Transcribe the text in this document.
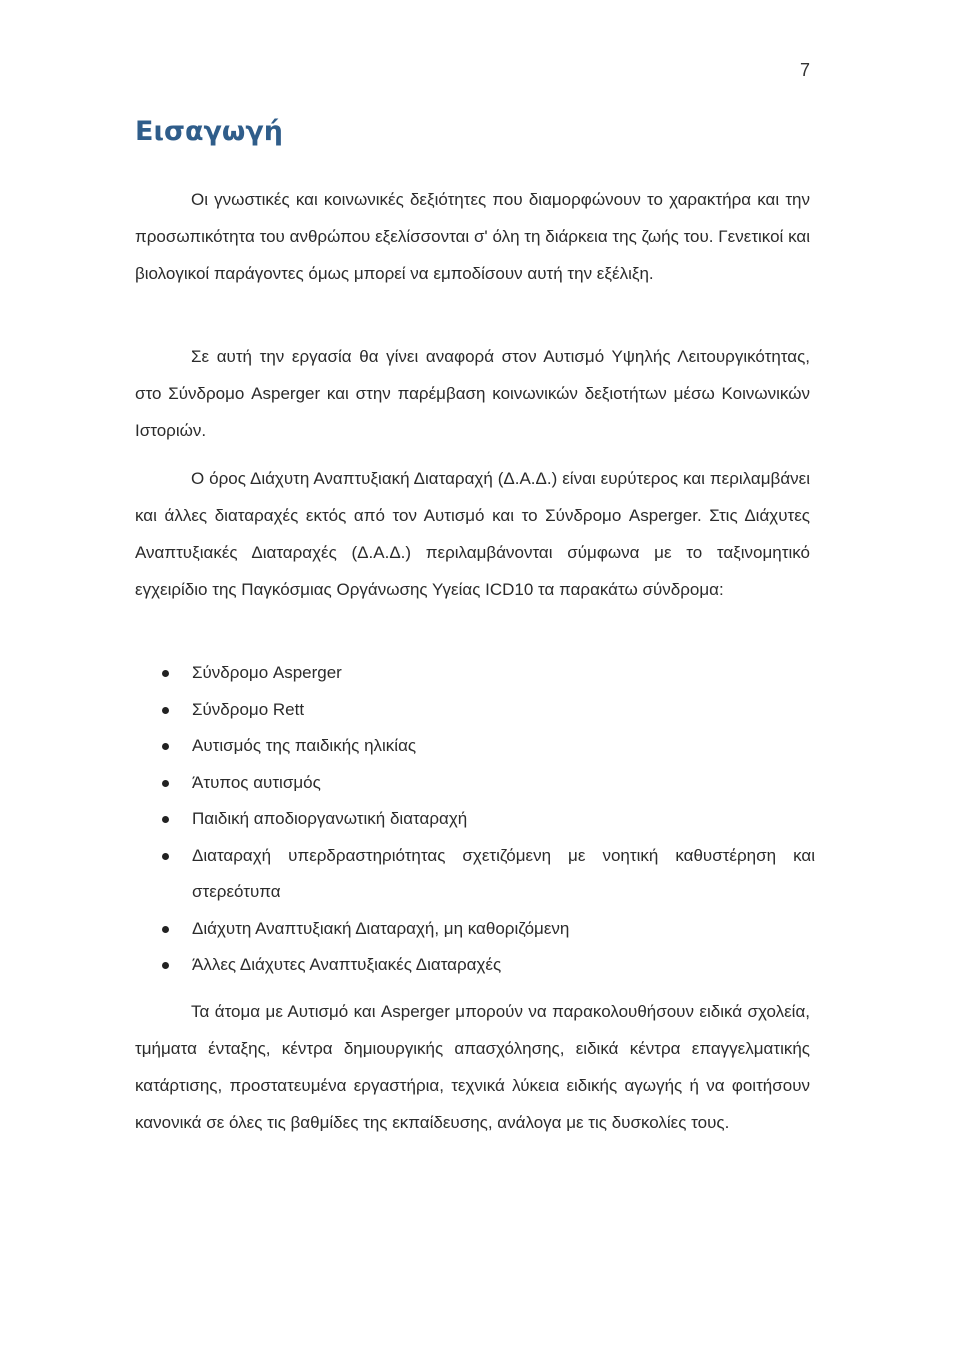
7
Εισαγωγή

Οι γνωστικές και κοινωνικές δεξιότητες που διαμορφώνουν το χαρακτήρα και την προσωπικότητα του ανθρώπου εξελίσσονται σ' όλη τη διάρκεια της ζωής του. Γενετικοί και βιολογικοί παράγοντες όμως μπορεί να εμποδίσουν αυτή την εξέλιξη.

Σε αυτή την εργασία θα γίνει αναφορά στον Αυτισμό Υψηλής Λειτουργικότητας, στο Σύνδρομο Asperger και στην παρέμβαση κοινωνικών δεξιοτήτων μέσω Κοινωνικών Ιστοριών.

Ο όρος Διάχυτη Αναπτυξιακή Διαταραχή (Δ.Α.Δ.) είναι ευρύτερος και περιλαμβάνει και άλλες διαταραχές εκτός από τον Αυτισμό και το Σύνδρομο Asperger. Στις Διάχυτες Αναπτυξιακές Διαταραχές (Δ.Α.Δ.) περιλαμβάνονται σύμφωνα με το ταξινομητικό εγχειρίδιο της Παγκόσμιας Οργάνωσης Υγείας ICD10 τα παρακάτω σύνδρομα:

Σύνδρομο Asperger
Σύνδρομο Rett
Αυτισμός της παιδικής ηλικίας
Άτυπος αυτισμός
Παιδική αποδιοργανωτική διαταραχή
Διαταραχή υπερδραστηριότητας σχετιζόμενη με νοητική καθυστέρηση και στερεότυπα
Διάχυτη Αναπτυξιακή Διαταραχή, μη καθοριζόμενη
Άλλες Διάχυτες Αναπτυξιακές Διαταραχές

Τα άτομα με Αυτισμό και Asperger μπορούν να παρακολουθήσουν ειδικά σχολεία, τμήματα ένταξης, κέντρα δημιουργικής απασχόλησης, ειδικά κέντρα επαγγελματικής κατάρτισης, προστατευμένα εργαστήρια, τεχνικά λύκεια ειδικής αγωγής ή να φοιτήσουν κανονικά σε όλες τις βαθμίδες της εκπαίδευσης, ανάλογα με τις δυσκολίες τους.
